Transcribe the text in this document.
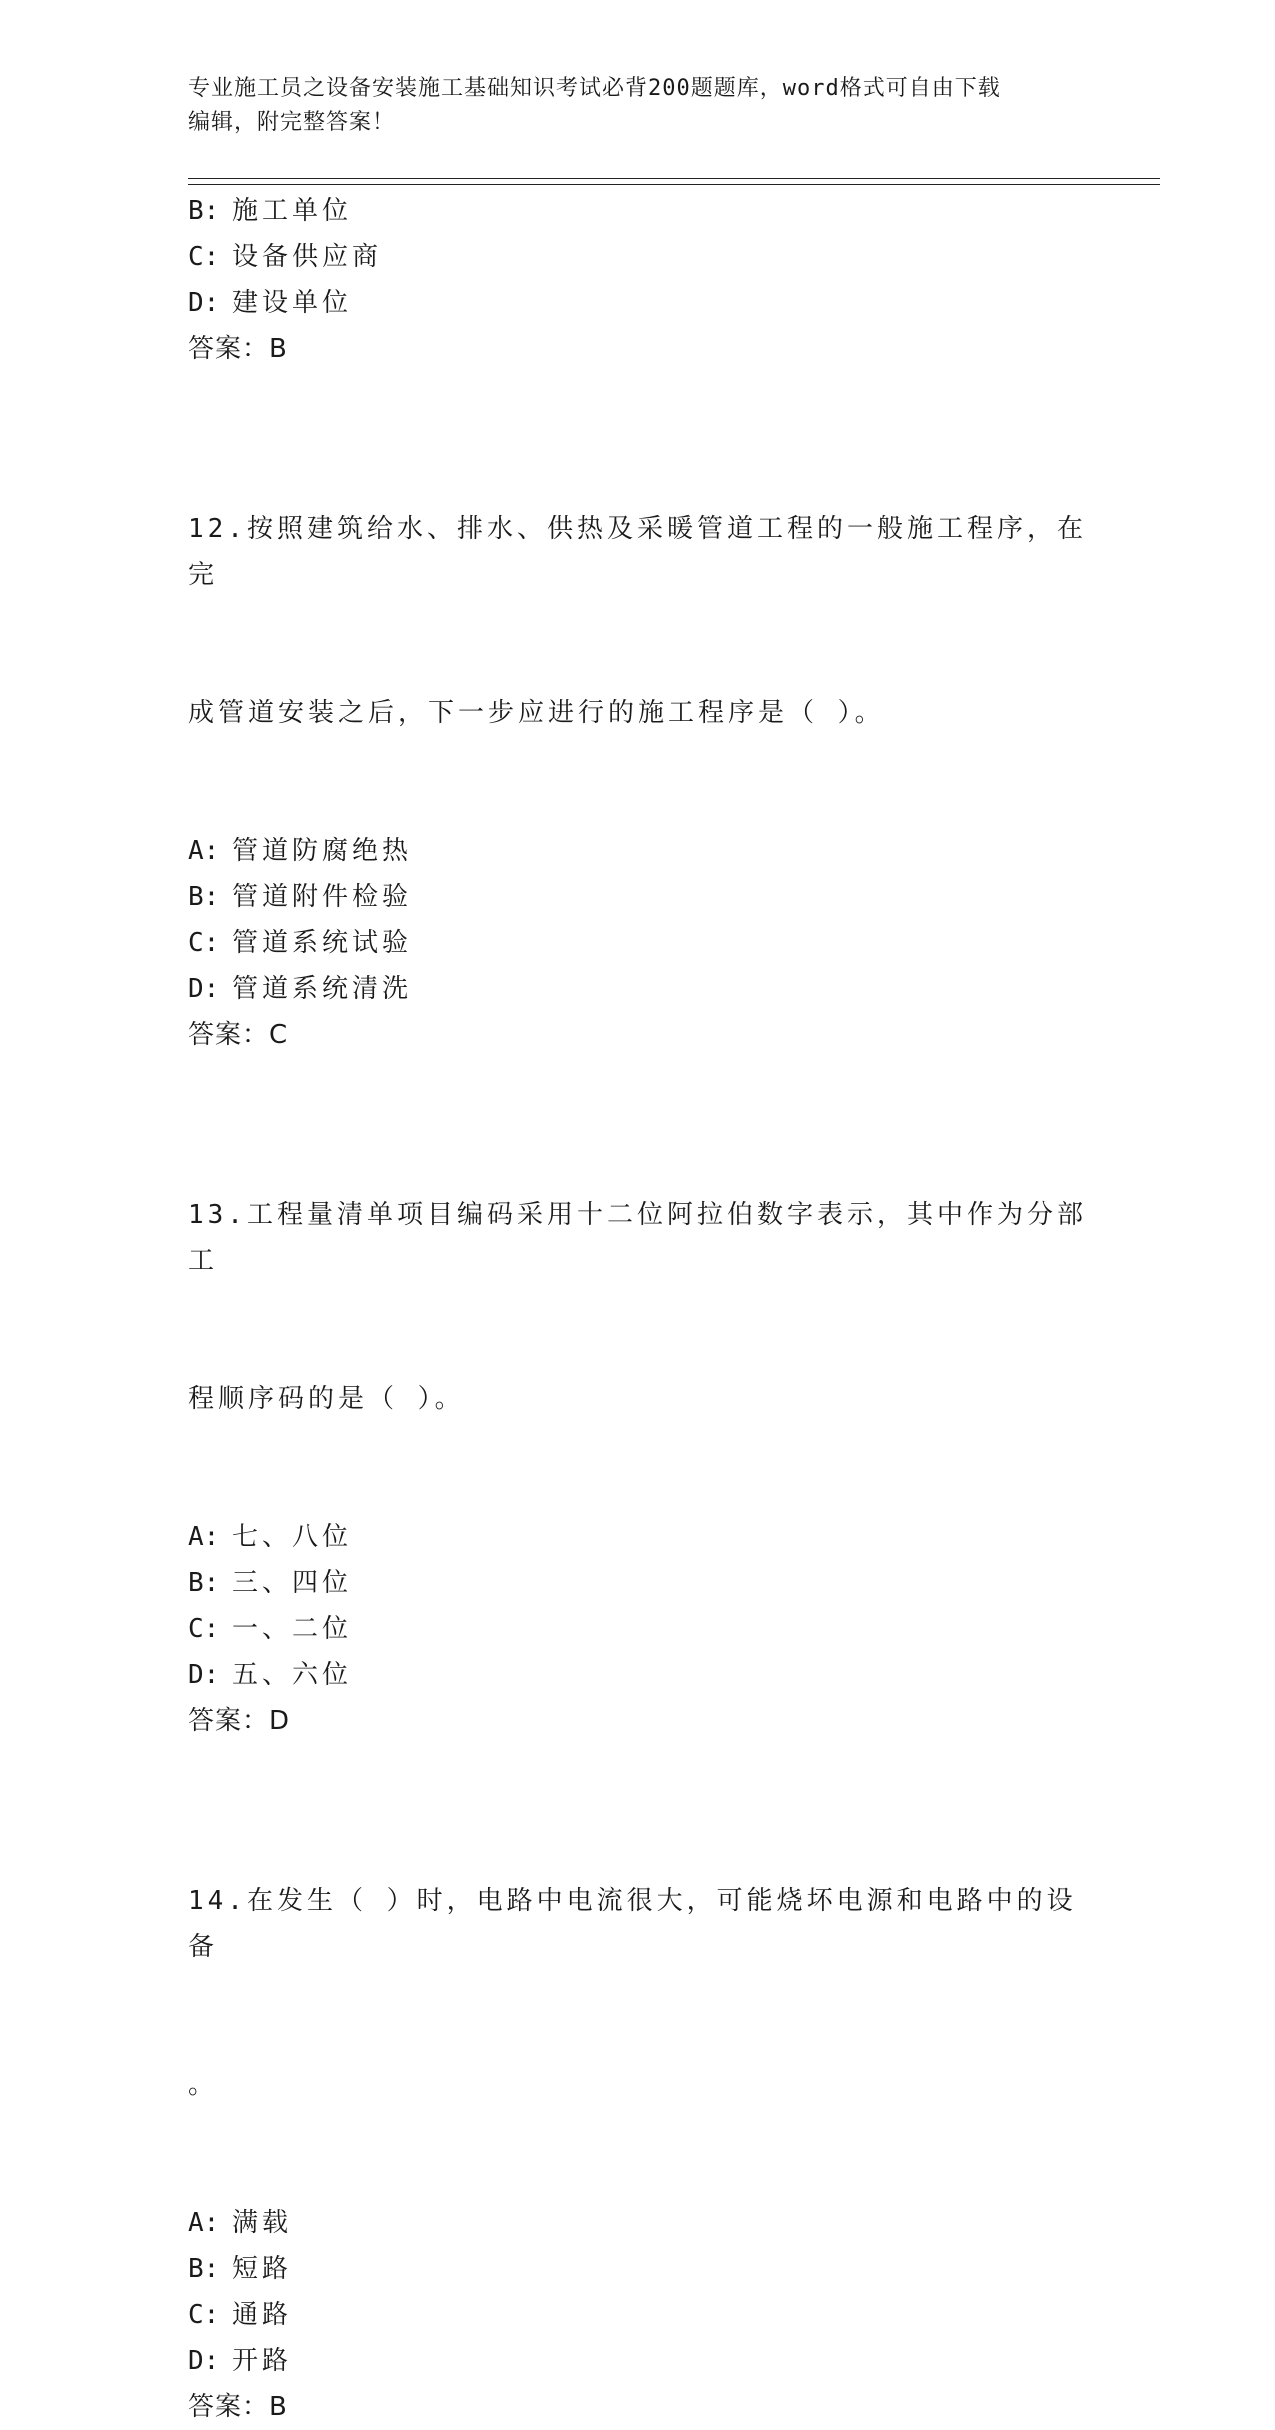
专业施工员之设备安装施工基础知识考试必背200题题库，word格式可自由下载
编辑，附完整答案！
B: 施工单位
C: 设备供应商
D: 建设单位
答案：B

12.按照建筑给水、排水、供热及采暖管道工程的一般施工程序，在完

成管道安装之后，下一步应进行的施工程序是（ ）。

A: 管道防腐绝热
B: 管道附件检验
C: 管道系统试验
D: 管道系统清洗
答案：C

13.工程量清单项目编码采用十二位阿拉伯数字表示，其中作为分部工

程顺序码的是（ ）。

A: 七、八位
B: 三、四位
C: 一、二位
D: 五、六位
答案：D

14.在发生（ ）时，电路中电流很大，可能烧坏电源和电路中的设备

。

A: 满载
B: 短路
C: 通路
D: 开路
答案：B
